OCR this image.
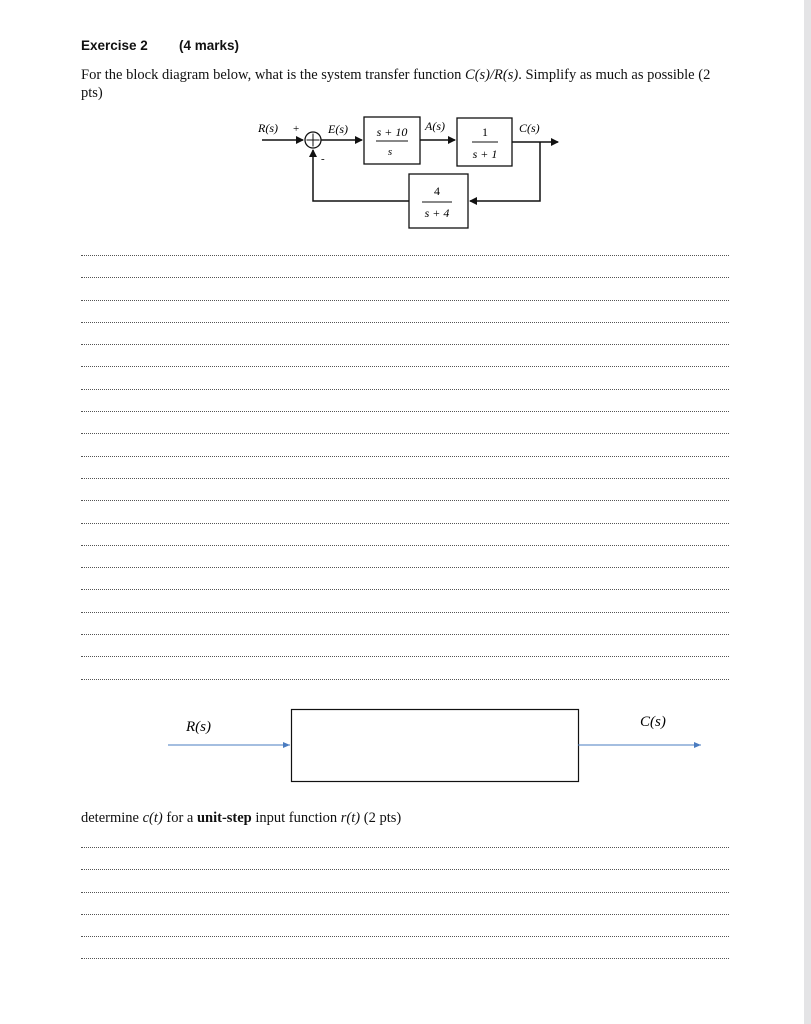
Exercise 2 (4 marks)
For the block diagram below, what is the system transfer function C(s)/R(s). Simplify as much as possible (2 pts)
R(s) +
-
E(s) s + 10
s
A(s)	1
s + 1
C(s)
4
s + 4
R(s)	C(s)
determine c(t) for a unit-step input function r(t) (2 pts)
